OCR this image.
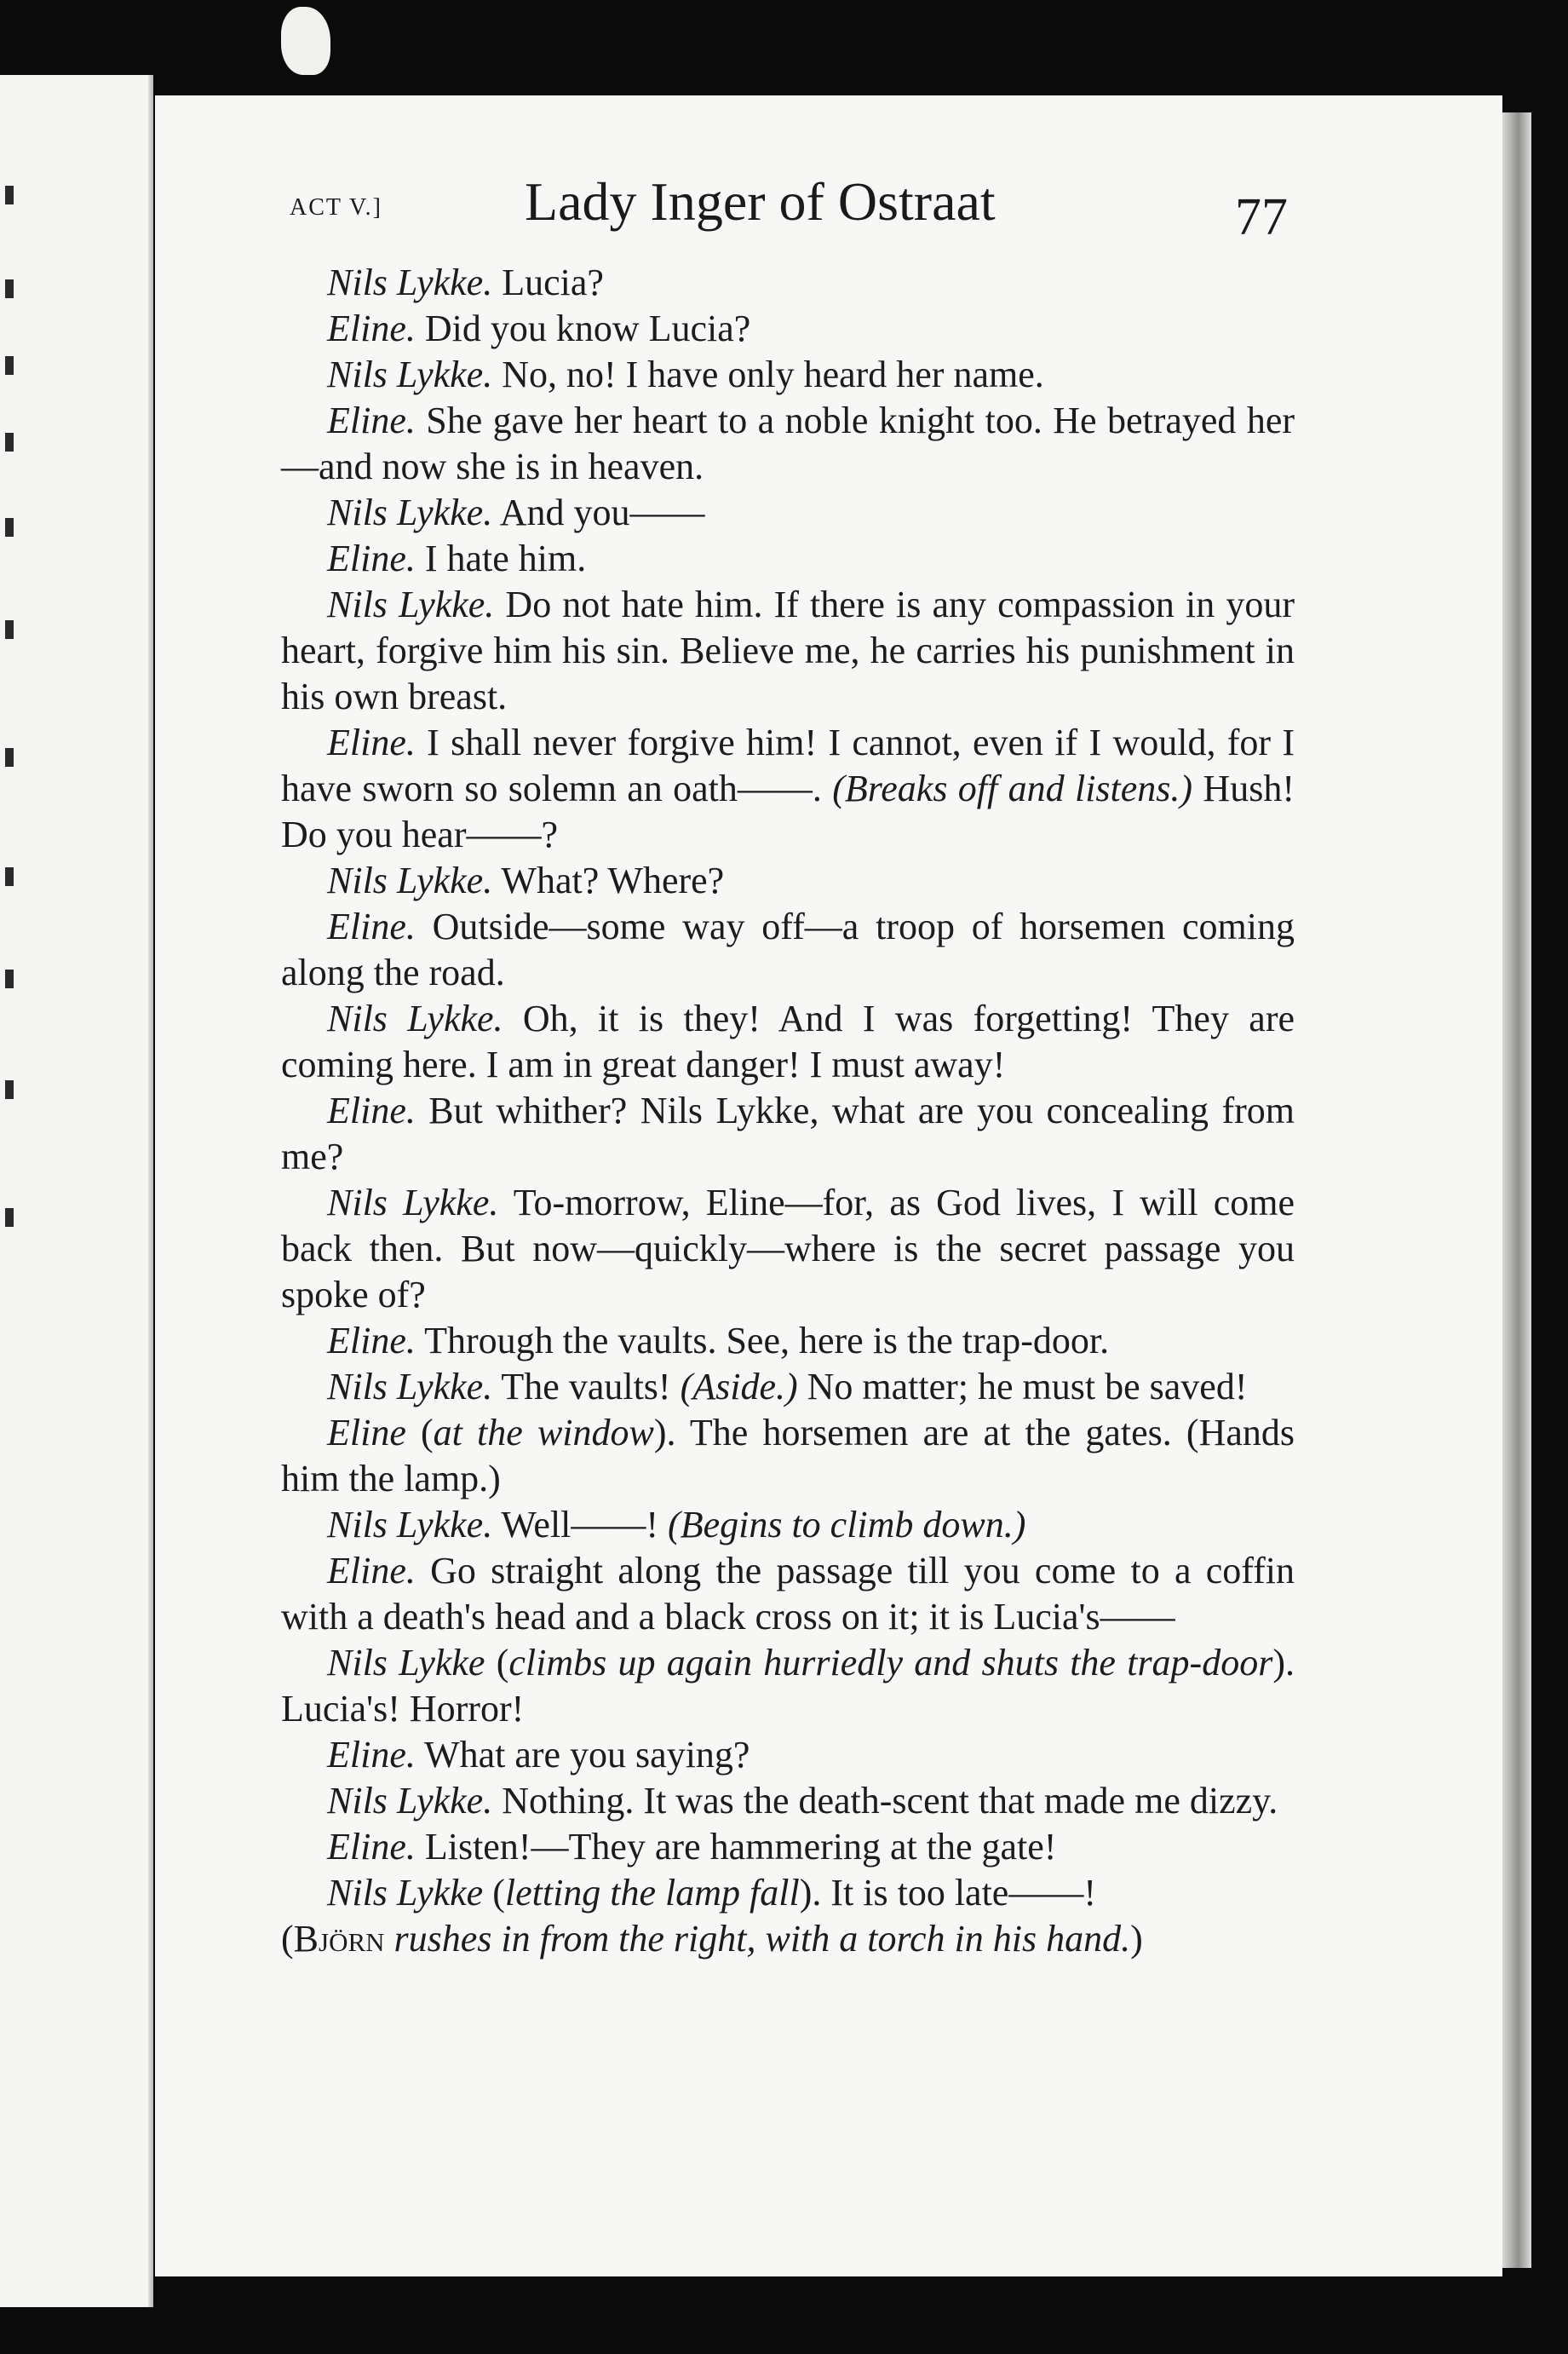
ACT V.]	Lady Inger of Ostraat	77

Nils Lykke. Lucia?

Eline. Did you know Lucia?

Nils Lykke. No, no! I have only heard her name.

Eline. She gave her heart to a noble knight too. He betrayed her—and now she is in heaven.

Nils Lykke. And you——

Eline. I hate him.

Nils Lykke. Do not hate him. If there is any compassion in your heart, forgive him his sin. Believe me, he carries his punishment in his own breast.

Eline. I shall never forgive him! I cannot, even if I would, for I have sworn so solemn an oath——. (Breaks off and listens.) Hush! Do you hear——?

Nils Lykke. What? Where?

Eline. Outside—some way off—a troop of horsemen coming along the road.

Nils Lykke. Oh, it is they! And I was forgetting! They are coming here. I am in great danger! I must away!

Eline. But whither? Nils Lykke, what are you concealing from me?

Nils Lykke. To-morrow, Eline—for, as God lives, I will come back then. But now—quickly—where is the secret passage you spoke of?

Eline. Through the vaults. See, here is the trap-door.

Nils Lykke. The vaults! (Aside.) No matter; he must be saved!

Eline (at the window). The horsemen are at the gates. (Hands him the lamp.)

Nils Lykke. Well——! (Begins to climb down.)

Eline. Go straight along the passage till you come to a coffin with a death's head and a black cross on it; it is Lucia's——

Nils Lykke (climbs up again hurriedly and shuts the trap-door). Lucia's! Horror!

Eline. What are you saying?

Nils Lykke. Nothing. It was the death-scent that made me dizzy.

Eline. Listen!—They are hammering at the gate!

Nils Lykke (letting the lamp fall). It is too late——!

(Björn rushes in from the right, with a torch in his hand.)
